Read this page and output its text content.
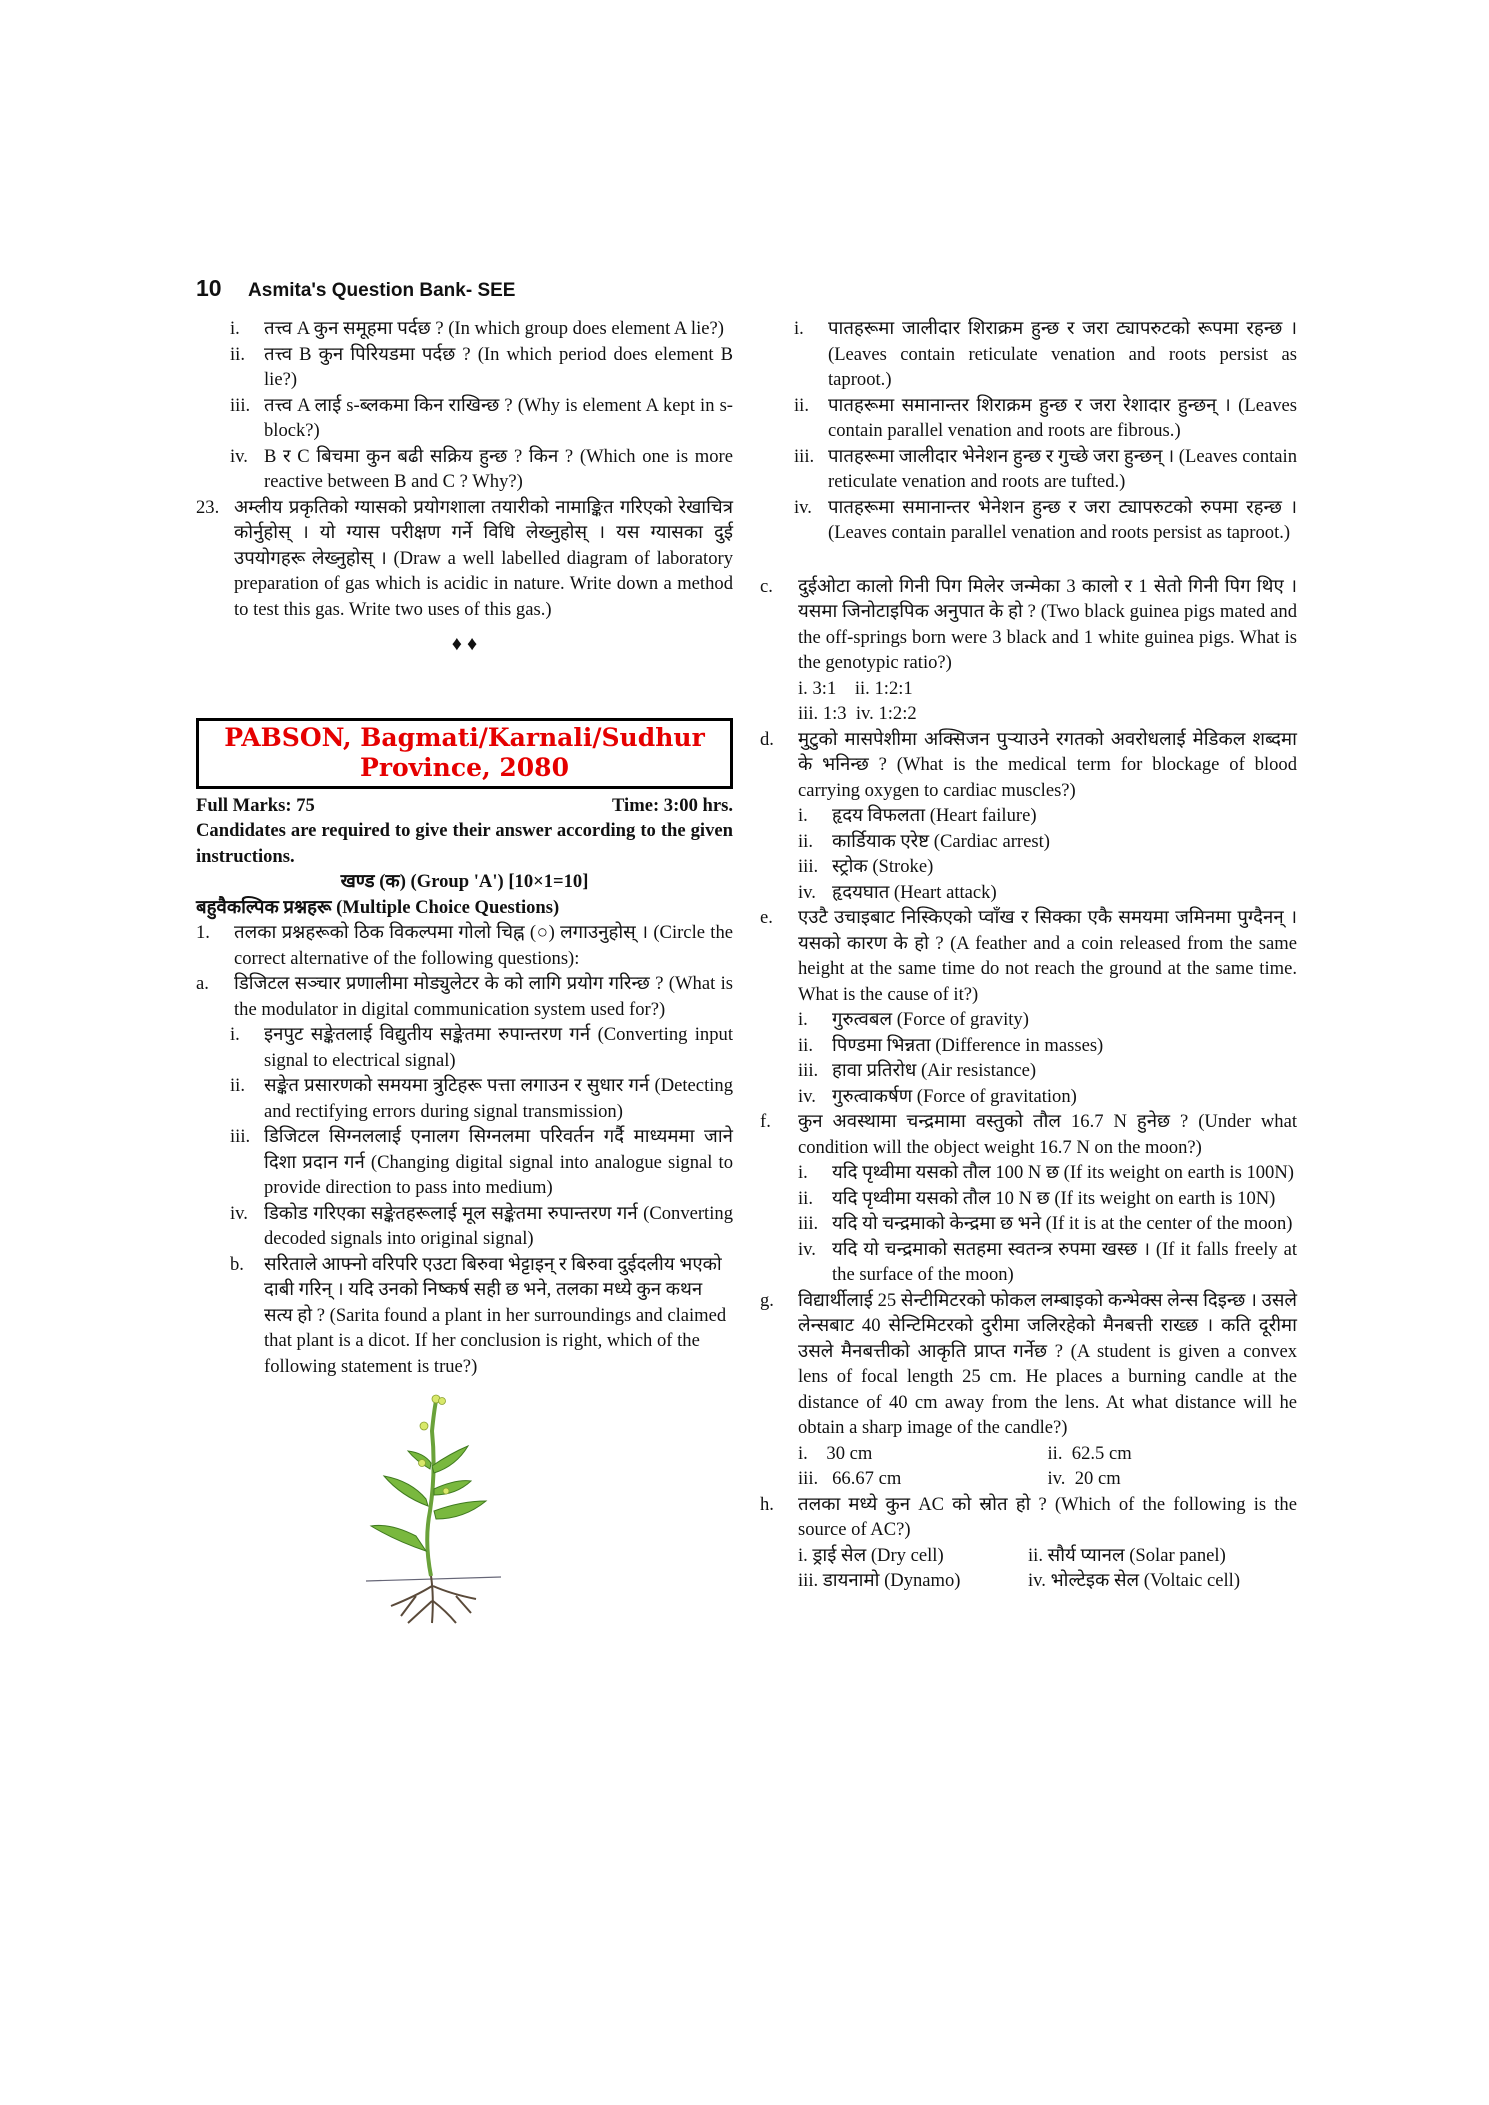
10 Asmita's Question Bank- SEE
i.	तत्त्व A कुन समूहमा पर्दछ ? (In which group does element A lie?)
ii.	तत्त्व B कुन पिरियडमा पर्दछ ? (In which period does element B lie?)
iii. तत्त्व A लाई s-ब्लकमा किन राखिन्छ ? (Why is element A kept in s-block?)
iv. B र C बिचमा कुन बढी सक्रिय हुन्छ ? किन ? (Which one is more reactive between B and C ? Why?)
23. अम्लीय प्रकृतिको ग्यासको प्रयोगशाला तयारीको नामाङ्कित गरिएको रेखाचित्र कोर्नुहोस् । यो ग्यास परीक्षण गर्ने विधि लेख्नुहोस् । यस ग्यासका दुई उपयोगहरू लेख्नुहोस् । (Draw a well labelled diagram of laboratory preparation of gas which is acidic in nature. Write down a method to test this gas. Write two uses of this gas.)
♦ ♦
PABSON, Bagmati/Karnali/Sudhur
Province, 2080
Full Marks: 75	Time: 3:00 hrs.
Candidates are required to give their answer according to the given instructions.
खण्ड (क) (Group 'A') [10×1=10]
बहुवैकल्पिक प्रश्नहरू (Multiple Choice Questions)
1.	तलका प्रश्नहरूको ठिक विकल्पमा गोलो चिह्न (○) लगाउनुहोस् । (Circle the correct alternative of the following questions):
a.	डिजिटल सञ्चार प्रणालीमा मोड्युलेटर के को लागि प्रयोग गरिन्छ ? (What is the modulator in digital communication system used for?)
i.	इनपुट सङ्केतलाई विद्युतीय सङ्केतमा रुपान्तरण गर्न (Converting input signal to electrical signal)
ii.	सङ्केत प्रसारणको समयमा त्रुटिहरू पत्ता लगाउन र सुधार गर्न (Detecting and rectifying errors during signal transmission)
iii. डिजिटल सिग्नललाई एनालग सिग्नलमा परिवर्तन गर्दै माध्यममा जाने दिशा प्रदान गर्न (Changing digital signal into analogue signal to provide direction to pass into medium)
iv. डिकोड गरिएका सङ्केतहरूलाई मूल सङ्केतमा रुपान्तरण गर्न (Converting decoded signals into original signal)
b.	सरिताले आफ्नो वरिपरि एउटा बिरुवा भेट्टाइन् र बिरुवा दुईदलीय भएको दाबी गरिन् । यदि उनको निष्कर्ष सही छ भने, तलका मध्ये कुन कथन सत्य हो ? (Sarita found a plant in her surroundings and claimed that plant is a dicot. If her conclusion is right, which of the following statement is true?)
i.	पातहरूमा जालीदार शिराक्रम हुन्छ र जरा ट्यापरुटको रूपमा रहन्छ । (Leaves contain reticulate venation and roots persist as taproot.)
ii.	पातहरूमा समानान्तर शिराक्रम हुन्छ र जरा रेशादार हुन्छन् । (Leaves contain parallel venation and roots are fibrous.)
iii. पातहरूमा जालीदार भेनेशन हुन्छ र गुच्छे जरा हुन्छन् । (Leaves contain reticulate venation and roots are tufted.)
iv. पातहरूमा समानान्तर भेनेशन हुन्छ र जरा ट्यापरुटको रुपमा रहन्छ । (Leaves contain parallel venation and roots persist as taproot.)
c.	दुईओटा कालो गिनी पिग मिलेर जन्मेका 3 कालो र 1 सेतो गिनी पिग थिए । यसमा जिनोटाइपिक अनुपात के हो ? (Two black guinea pigs mated and the off-springs born were 3 black and 1 white guinea pigs. What is the genotypic ratio?)
i. 3:1 ii. 1:2:1
iii. 1:3 iv. 1:2:2
d.	मुटुको मासपेशीमा अक्सिजन पुऱ्याउने रगतको अवरोधलाई मेडिकल शब्दमा के भनिन्छ ? (What is the medical term for blockage of blood carrying oxygen to cardiac muscles?)
i.	हृदय विफलता (Heart failure)
ii.	कार्डियाक एरेष्ट (Cardiac arrest)
iii. स्ट्रोक (Stroke)
iv. हृदयघात (Heart attack)
e.	एउटै उचाइबाट निस्किएको प्वाँख र सिक्का एकै समयमा जमिनमा पुग्दैनन् । यसको कारण के हो ? (A feather and a coin released from the same height at the same time do not reach the ground at the same time. What is the cause of it?)
i.	गुरुत्वबल (Force of gravity)
ii.	पिण्डमा भिन्नता (Difference in masses)
iii. हावा प्रतिरोध (Air resistance)
iv. गुरुत्वाकर्षण (Force of gravitation)
f.	कुन अवस्थामा चन्द्रमामा वस्तुको तौल 16.7 N हुनेछ ? (Under what condition will the object weight 16.7 N on the moon?)
i.	यदि पृथ्वीमा यसको तौल 100 N छ (If its weight on earth is 100N)
ii.	यदि पृथ्वीमा यसको तौल 10 N छ (If its weight on earth is 10N)
iii. यदि यो चन्द्रमाको केन्द्रमा छ भने (If it is at the center of the moon)
iv. यदि यो चन्द्रमाको सतहमा स्वतन्त्र रुपमा खस्छ । (If it falls freely at the surface of the moon)
g.	विद्यार्थीलाई 25 सेन्टीमिटरको फोकल लम्बाइको कन्भेक्स लेन्स दिइन्छ । उसले लेन्सबाट 40 सेन्टिमिटरको दुरीमा जलिरहेको मैनबत्ती राख्छ । कति दूरीमा उसले मैनबत्तीको आकृति प्राप्त गर्नेछ ? (A student is given a convex lens of focal length 25 cm. He places a burning candle at the distance of 40 cm away from the lens. At what distance will he obtain a sharp image of the candle?)
i. 30 cm	ii. 62.5 cm
iii. 66.67 cm	iv. 20 cm
h.	तलका मध्ये कुन AC को स्रोत हो ? (Which of the following is the source of AC?)
i. ड्राई सेल (Dry cell)	ii. सौर्य प्यानल (Solar panel)
iii. डायनामो (Dynamo)	iv. भोल्टेइक सेल (Voltaic cell)
